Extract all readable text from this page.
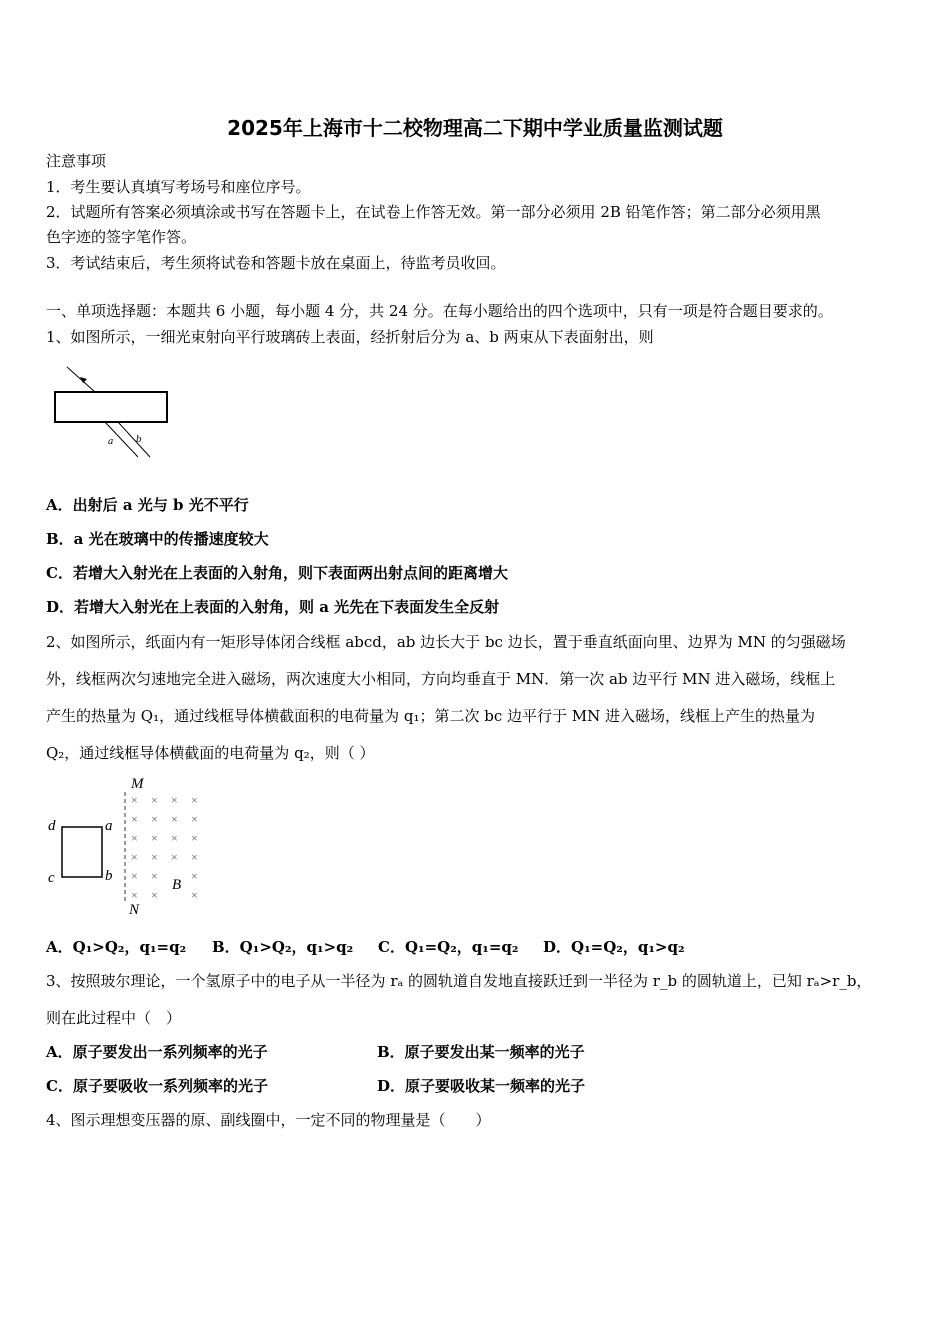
2025年上海市十二校物理高二下期中学业质量监测试题
注意事项
1．考生要认真填写考场号和座位序号。
2．试题所有答案必须填涂或书写在答题卡上，在试卷上作答无效。第一部分必须用 2B 铅笔作答；第二部分必须用黑
色字迹的签字笔作答。
3．考试结束后，考生须将试卷和答题卡放在桌面上，待监考员收回。
一、单项选择题：本题共 6 小题，每小题 4 分，共 24 分。在每小题给出的四个选项中，只有一项是符合题目要求的。
1、如图所示，一细光束射向平行玻璃砖上表面，经折射后分为 a、b 两束从下表面射出，则
a	b
A．出射后 a 光与 b 光不平行
B．a 光在玻璃中的传播速度较大
C．若增大入射光在上表面的入射角，则下表面两出射点间的距离增大
D．若增大入射光在上表面的入射角，则 a 光先在下表面发生全反射
2、如图所示，纸面内有一矩形导体闭合线框 abcd，ab 边长大于 bc 边长，置于垂直纸面向里、边界为 MN 的匀强磁场
外，线框两次匀速地完全进入磁场，两次速度大小相同，方向均垂直于 MN．第一次 ab 边平行 MN 进入磁场，线框上
产生的热量为 Q₁，通过线框导体横截面积的电荷量为 q₁；第二次 bc 边平行于 MN 进入磁场，线框上产生的热量为
Q₂，通过线框导体横截面的电荷量为 q₂，则（ ）
M
N
d	a
c	b
B
× × × ×
× × × ×
× × × ×
× × × ×
× ×	×
× ×	×
A．Q₁>Q₂，q₁=q₂ B．Q₁>Q₂，q₁>q₂ C．Q₁=Q₂，q₁=q₂ D．Q₁=Q₂，q₁>q₂
3、按照玻尔理论，一个氢原子中的电子从一半径为 rₐ 的圆轨道自发地直接跃迁到一半径为 r_b 的圆轨道上，已知 rₐ>r_b，
则在此过程中（　）
A．原子要发出一系列频率的光子	B．原子要发出某一频率的光子
C．原子要吸收一系列频率的光子	D．原子要吸收某一频率的光子
4、图示理想变压器的原、副线圈中，一定不同的物理量是（　　）
